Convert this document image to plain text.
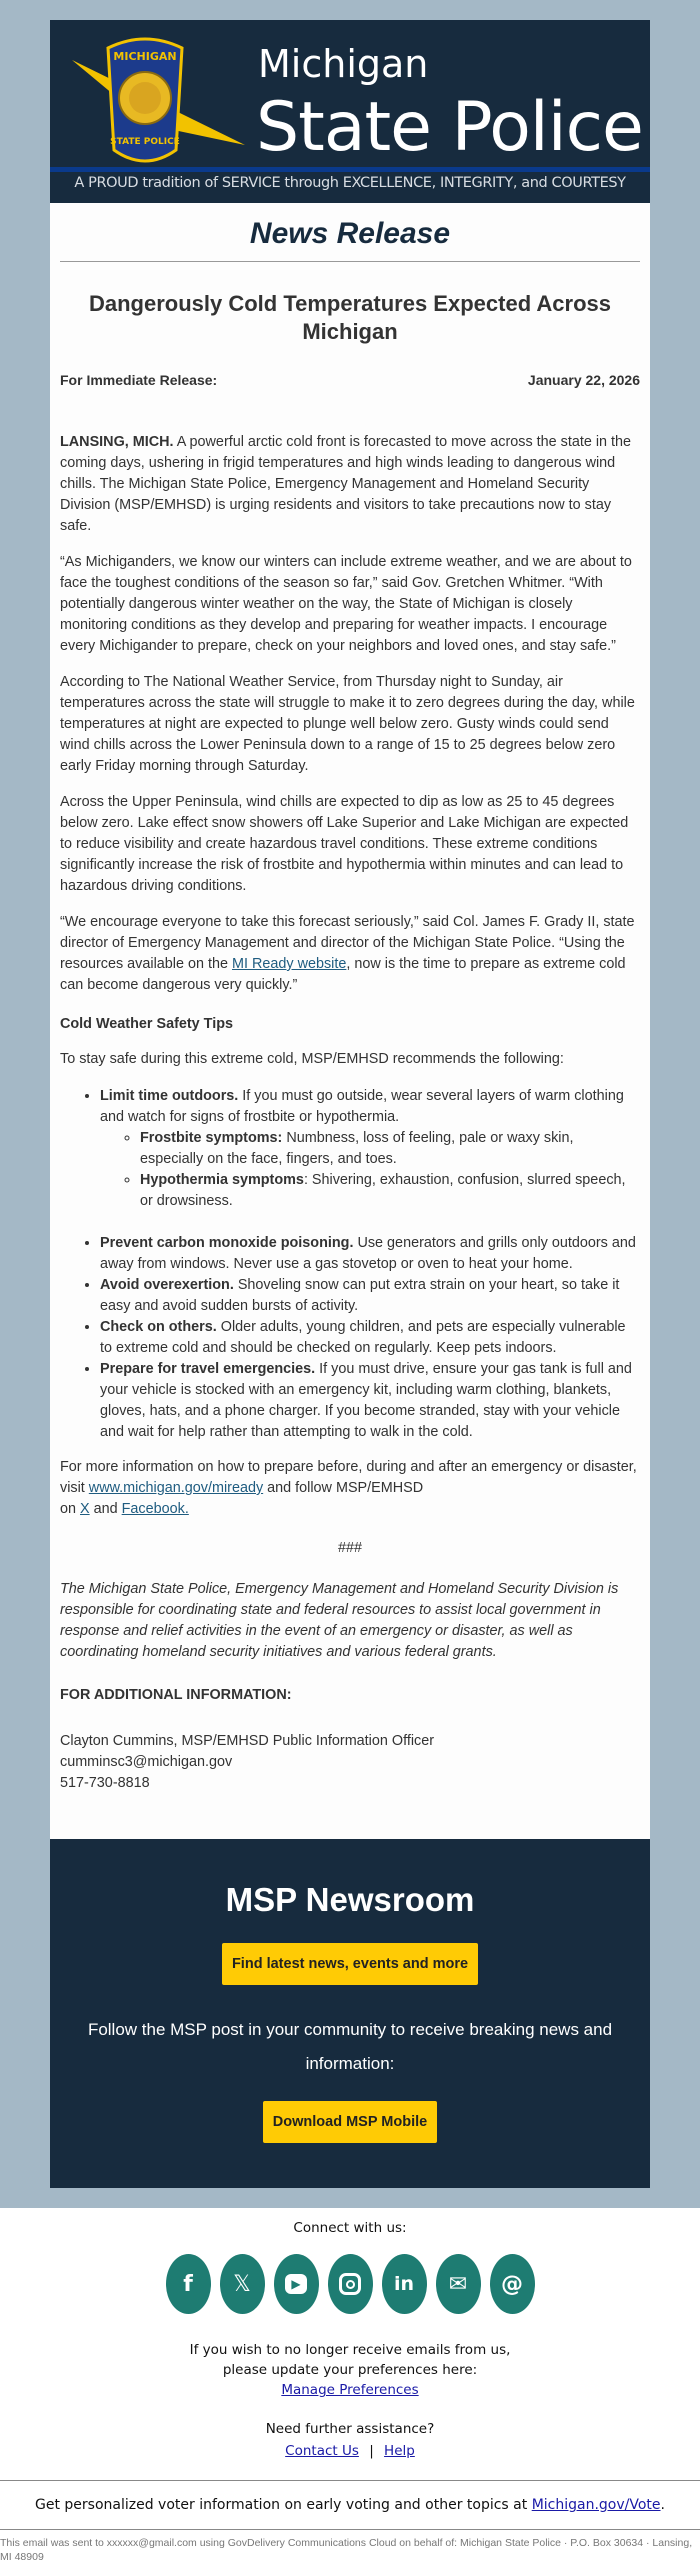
MICHIGAN
STATE POLICE
Michigan
State Police
A PROUD tradition of SERVICE through EXCELLENCE, INTEGRITY, and COURTESY
News Release
Dangerously Cold Temperatures Expected Across Michigan
For Immediate Release:	January 22, 2026

LANSING, MICH. A powerful arctic cold front is forecasted to move across the state in the coming days, ushering in frigid temperatures and high winds leading to dangerous wind chills. The Michigan State Police, Emergency Management and Homeland Security Division (MSP/EMHSD) is urging residents and visitors to take precautions now to stay safe.

“As Michiganders, we know our winters can include extreme weather, and we are about to face the toughest conditions of the season so far,” said Gov. Gretchen Whitmer. “With potentially dangerous winter weather on the way, the State of Michigan is closely monitoring conditions as they develop and preparing for weather impacts. I encourage every Michigander to prepare, check on your neighbors and loved ones, and stay safe.”

According to The National Weather Service, from Thursday night to Sunday, air temperatures across the state will struggle to make it to zero degrees during the day, while temperatures at night are expected to plunge well below zero. Gusty winds could send wind chills across the Lower Peninsula down to a range of 15 to 25 degrees below zero early Friday morning through Saturday.

Across the Upper Peninsula, wind chills are expected to dip as low as 25 to 45 degrees below zero. Lake effect snow showers off Lake Superior and Lake Michigan are expected to reduce visibility and create hazardous travel conditions. These extreme conditions significantly increase the risk of frostbite and hypothermia within minutes and can lead to hazardous driving conditions.

“We encourage everyone to take this forecast seriously,” said Col. James F. Grady II, state director of Emergency Management and director of the Michigan State Police. “Using the resources available on the MI Ready website, now is the time to prepare as extreme cold can become dangerous very quickly.”

Cold Weather Safety Tips

To stay safe during this extreme cold, MSP/EMHSD recommends the following:

• Limit time outdoors. If you must go outside, wear several layers of warm clothing and watch for signs of frostbite or hypothermia.
◦ Frostbite symptoms: Numbness, loss of feeling, pale or waxy skin, especially on the face, fingers, and toes.
◦ Hypothermia symptoms: Shivering, exhaustion, confusion, slurred speech, or drowsiness.

• Prevent carbon monoxide poisoning. Use generators and grills only outdoors and away from windows. Never use a gas stovetop or oven to heat your home.
• Avoid overexertion. Shoveling snow can put extra strain on your heart, so take it easy and avoid sudden bursts of activity.
• Check on others. Older adults, young children, and pets are especially vulnerable to extreme cold and should be checked on regularly. Keep pets indoors.
• Prepare for travel emergencies. If you must drive, ensure your gas tank is full and your vehicle is stocked with an emergency kit, including warm clothing, blankets, gloves, hats, and a phone charger. If you become stranded, stay with your vehicle and wait for help rather than attempting to walk in the cold.

For more information on how to prepare before, during and after an emergency or disaster, visit www.michigan.gov/miready and follow MSP/EMHSD
on X and Facebook.

###

The Michigan State Police, Emergency Management and Homeland Security Division is responsible for coordinating state and federal resources to assist local government in response and relief activities in the event of an emergency or disaster, as well as coordinating homeland security initiatives and various federal grants.

FOR ADDITIONAL INFORMATION:

Clayton Cummins, MSP/EMHSD Public Information Officer
cumminsc3@michigan.gov
517-730-8818

MSP Newsroom
Find latest news, events and more

Follow the MSP post in your community to receive breaking news and information:

Download MSP Mobile
Connect with us:
f	𝕏	▶	in	✉	@
If you wish to no longer receive emails from us,
please update your preferences here:
Manage Preferences
Need further assistance?
Contact Us | Help
Get personalized voter information on early voting and other topics at Michigan.gov/Vote.
This email was sent to xxxxxx@gmail.com using GovDelivery Communications Cloud on behalf of: Michigan State Police · P.O. Box 30634 · Lansing, MI 48909
